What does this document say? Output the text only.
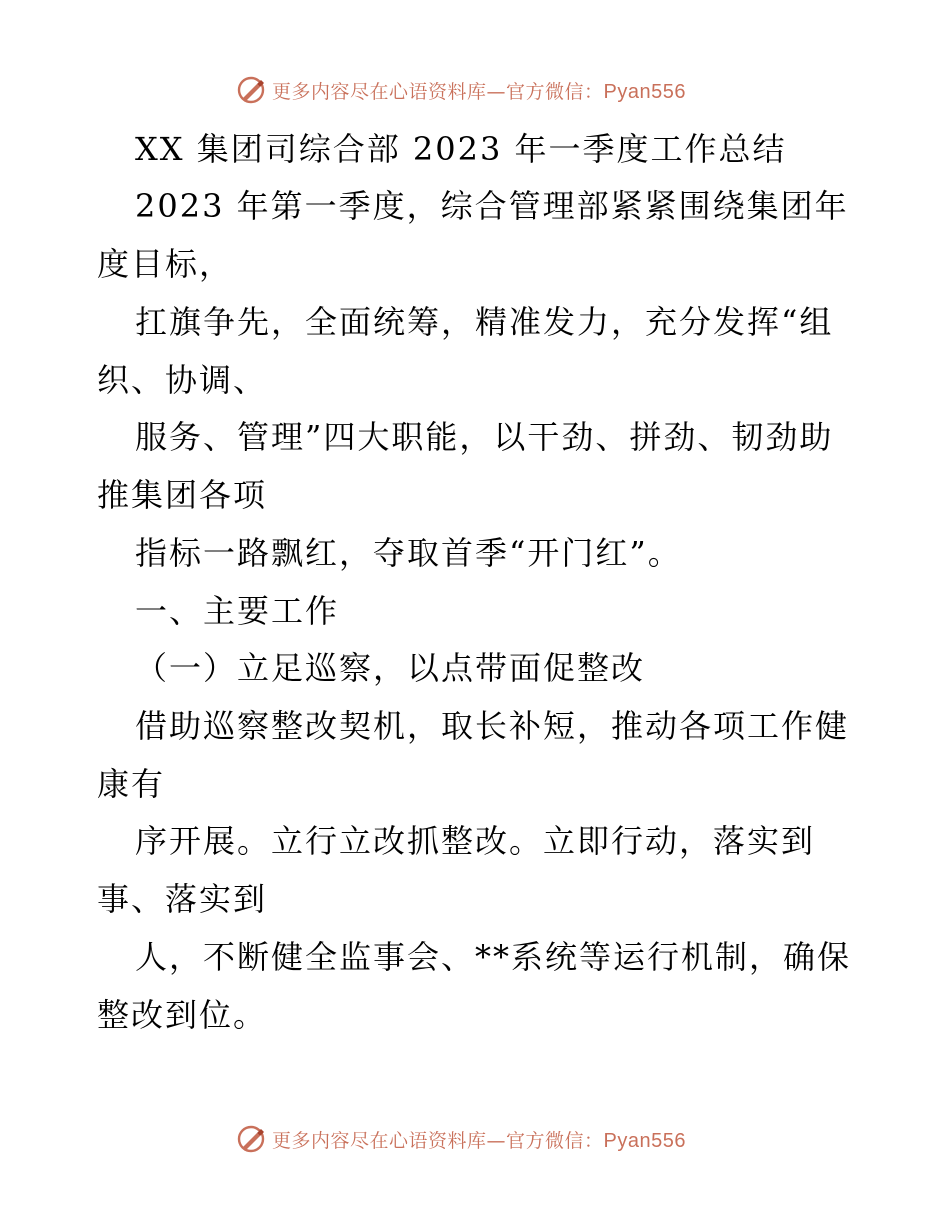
更多内容尽在心语资料库—官方微信：Pyan556
XX 集团司综合部 2023 年一季度工作总结
2023 年第一季度，综合管理部紧紧围绕集团年
度目标，
扛旗争先，全面统筹，精准发力，充分发挥“组
织、协调、
服务、管理”四大职能，以干劲、拼劲、韧劲助
推集团各项
指标一路飘红，夺取首季“开门红”。
一、主要工作
（一）立足巡察，以点带面促整改
借助巡察整改契机，取长补短，推动各项工作健
康有
序开展。立行立改抓整改。立即行动，落实到
事、落实到
人，不断健全监事会、**系统等运行机制，确保
整改到位。
更多内容尽在心语资料库—官方微信：Pyan556
